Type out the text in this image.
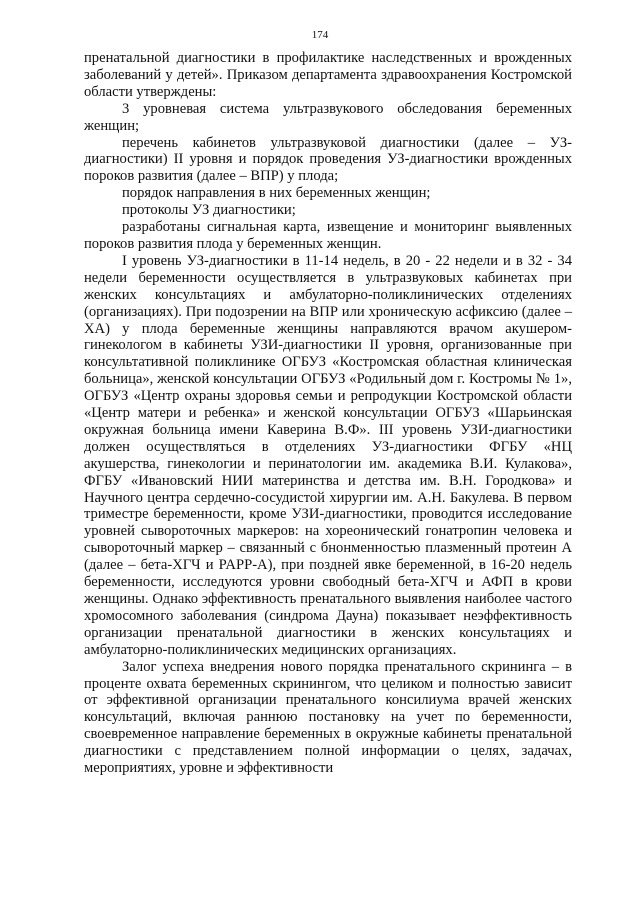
174

пренатальной диагностики в профилактике наследственных и врожденных заболеваний у детей». Приказом департамента здравоохранения Костромской области утверждены:

3 уровневая система ультразвукового обследования беременных женщин;

перечень кабинетов ультразвуковой диагностики (далее – УЗ-диагностики) II уровня и порядок проведения УЗ-диагностики врожденных пороков развития (далее – ВПР) у плода;

порядок направления в них беременных женщин;

протоколы УЗ диагностики;

разработаны сигнальная карта, извещение и мониторинг выявленных пороков развития плода у беременных женщин.

I уровень УЗ-диагностики в 11-14 недель, в 20 - 22 недели и в 32 - 34 недели беременности осуществляется в ультразвуковых кабинетах при женских консультациях и амбулаторно-поликлинических отделениях (организациях). При подозрении на ВПР или хроническую асфиксию (далее – ХА) у плода беременные женщины направляются врачом акушером-гинекологом в кабинеты УЗИ-диагностики II уровня, организованные при консультативной поликлинике ОГБУЗ «Костромская областная клиническая больница», женской консультации ОГБУЗ «Родильный дом г. Костромы № 1», ОГБУЗ «Центр охраны здоровья семьи и репродукции Костромской области «Центр матери и ребенка» и женской консультации ОГБУЗ «Шарьинская окружная больница имени Каверина В.Ф». III уровень УЗИ-диагностики должен осуществляться в отделениях УЗ-диагностики ФГБУ «НЦ акушерства, гинекологии и перинатологии им. академика В.И. Кулакова», ФГБУ «Ивановский НИИ материнства и детства им. В.Н. Городкова» и Научного центра сердечно-сосудистой хирургии им. А.Н. Бакулева. В первом триместре беременности, кроме УЗИ-диагностики, проводится исследование уровней сывороточных маркеров: на хореонический гонатропин человека и сывороточный маркер – связанный с бнонменностью плазменный протеин А (далее – бета-ХГЧ и PAPP-A), при поздней явке беременной, в 16-20 недель беременности, исследуются уровни свободный бета-ХГЧ и АФП в крови женщины. Однако эффективность пренатального выявления наиболее частого хромосомного заболевания (синдрома Дауна) показывает неэффективность организации пренатальной диагностики в женских консультациях и амбулаторно-поликлинических медицинских организациях.

Залог успеха внедрения нового порядка пренатального скрининга – в проценте охвата беременных скринингом, что целиком и полностью зависит от эффективной организации пренатального консилиума врачей женских консультаций, включая раннюю постановку на учет по беременности, своевременное направление беременных в окружные кабинеты пренатальной диагностики с представлением полной информации о целях, задачах, мероприятиях, уровне и эффективности
